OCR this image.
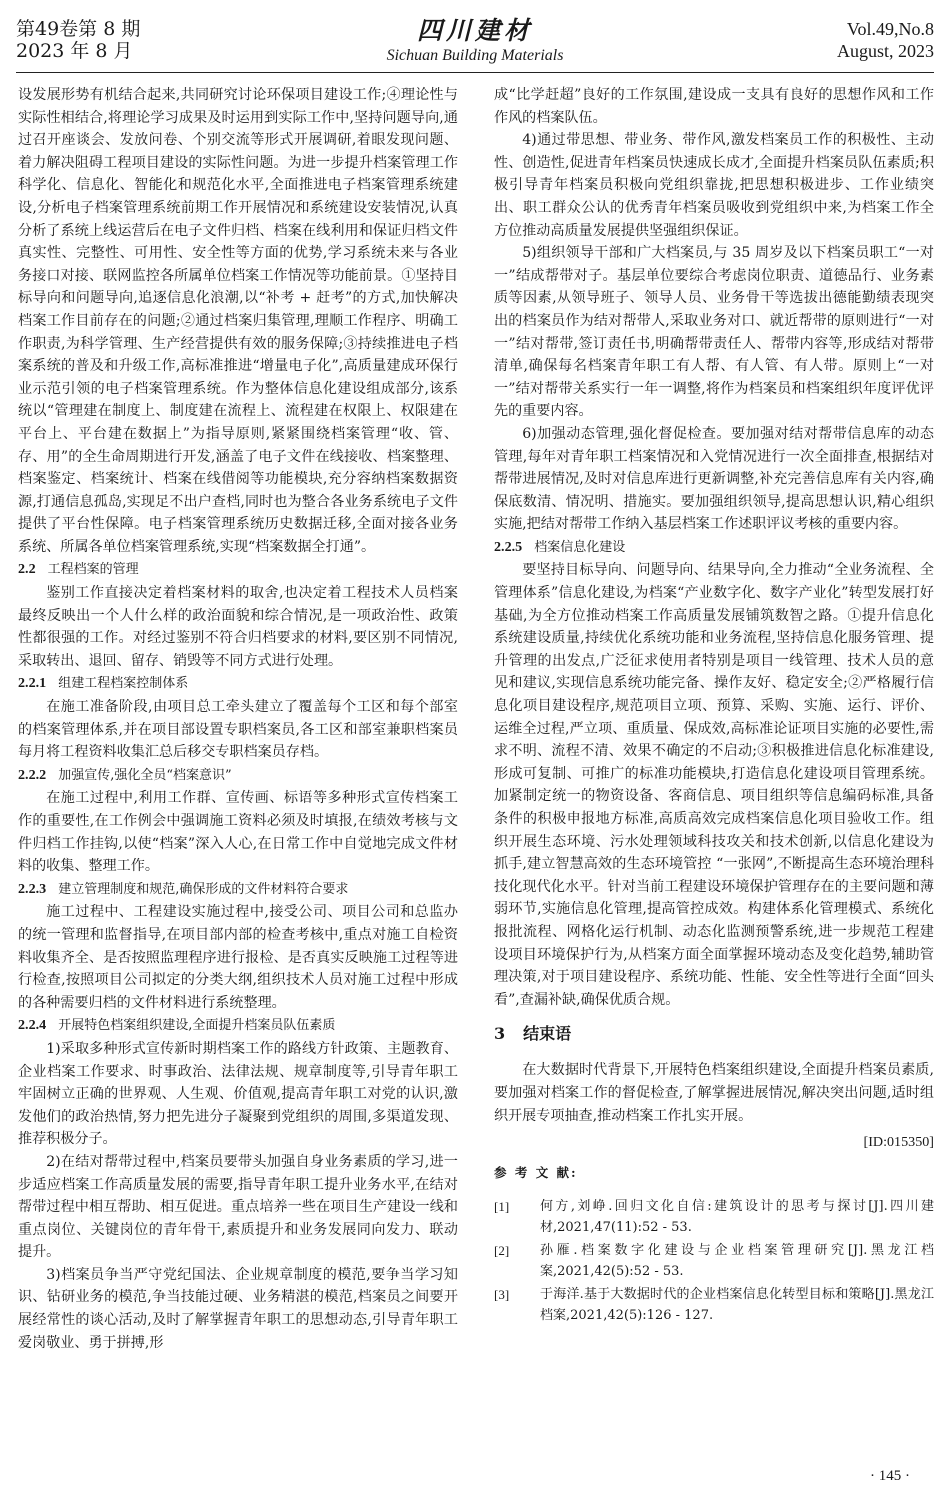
第49卷第 8 期
2023 年 8 月
四川建材
Sichuan Building Materials
Vol.49,No.8
August, 2023

设发展形势有机结合起来,共同研究讨论环保项目建设工作;④理论性与实际性相结合,将理论学习成果及时运用到实际工作中,坚持问题导向,通过召开座谈会、发放问卷、个别交流等形式开展调研,着眼发现问题、着力解决阻碍工程项目建设的实际性问题。为进一步提升档案管理工作科学化、信息化、智能化和规范化水平,全面推进电子档案管理系统建设,分析电子档案管理系统前期工作开展情况和系统建设安装情况,认真分析了系统上线运营后在电子文件归档、档案在线利用和保证归档文件真实性、完整性、可用性、安全性等方面的优势,学习系统未来与各业务接口对接、联网监控各所属单位档案工作情况等功能前景。①坚持目标导向和问题导向,追逐信息化浪潮,以“补考 + 赶考”的方式,加快解决档案工作目前存在的问题;②通过档案归集管理,理顺工作程序、明确工作职责,为科学管理、生产经营提供有效的服务保障;③持续推进电子档案系统的普及和升级工作,高标准推进“增量电子化”,高质量建成环保行业示范引领的电子档案管理系统。作为整体信息化建设组成部分,该系统以“管理建在制度上、制度建在流程上、流程建在权限上、权限建在平台上、平台建在数据上”为指导原则,紧紧围绕档案管理“收、管、存、用”的全生命周期进行开发,涵盖了电子文件在线接收、档案整理、档案鉴定、档案统计、档案在线借阅等功能模块,充分容纳档案数据资源,打通信息孤岛,实现足不出户查档,同时也为整合各业务系统电子文件提供了平台性保障。电子档案管理系统历史数据迁移,全面对接各业务系统、所属各单位档案管理系统,实现“档案数据全打通”。

2.2 工程档案的管理

鉴别工作直接决定着档案材料的取舍,也决定着工程技术人员档案最终反映出一个人什么样的政治面貌和综合情况,是一项政治性、政策性都很强的工作。对经过鉴别不符合归档要求的材料,要区别不同情况,采取转出、退回、留存、销毁等不同方式进行处理。

2.2.1 组建工程档案控制体系

在施工准备阶段,由项目总工牵头建立了覆盖每个工区和每个部室的档案管理体系,并在项目部设置专职档案员,各工区和部室兼职档案员每月将工程资料收集汇总后移交专职档案员存档。

2.2.2 加强宣传,强化全员“档案意识”

在施工过程中,利用工作群、宣传画、标语等多种形式宣传档案工作的重要性,在工作例会中强调施工资料必须及时填报,在绩效考核与文件归档工作挂钩,以使“档案”深入人心,在日常工作中自觉地完成文件材料的收集、整理工作。

2.2.3 建立管理制度和规范,确保形成的文件材料符合要求

施工过程中、工程建设实施过程中,接受公司、项目公司和总监办的统一管理和监督指导,在项目部内部的检查考核中,重点对施工自检资料收集齐全、是否按照监理程序进行报检、是否真实反映施工过程等进行检查,按照项目公司拟定的分类大纲,组织技术人员对施工过程中形成的各种需要归档的文件材料进行系统整理。

2.2.4 开展特色档案组织建设,全面提升档案员队伍素质

1)采取多种形式宣传新时期档案工作的路线方针政策、主题教育、企业档案工作要求、时事政治、法律法规、规章制度等,引导青年职工牢固树立正确的世界观、人生观、价值观,提高青年职工对党的认识,激发他们的政治热情,努力把先进分子凝聚到党组织的周围,多渠道发现、推荐积极分子。

2)在结对帮带过程中,档案员要带头加强自身业务素质的学习,进一步适应档案工作高质量发展的需要,指导青年职工提升业务水平,在结对帮带过程中相互帮助、相互促进。重点培养一些在项目生产建设一线和重点岗位、关键岗位的青年骨干,素质提升和业务发展同向发力、联动提升。

3)档案员争当严守党纪国法、企业规章制度的模范,要争当学习知识、钻研业务的模范,争当技能过硬、业务精湛的模范,档案员之间要开展经常性的谈心活动,及时了解掌握青年职工的思想动态,引导青年职工爱岗敬业、勇于拼搏,形

成“比学赶超”良好的工作氛围,建设成一支具有良好的思想作风和工作作风的档案队伍。

4)通过带思想、带业务、带作风,激发档案员工作的积极性、主动性、创造性,促进青年档案员快速成长成才,全面提升档案员队伍素质;积极引导青年档案员积极向党组织靠拢,把思想积极进步、工作业绩突出、职工群众公认的优秀青年档案员吸收到党组织中来,为档案工作全方位推动高质量发展提供坚强组织保证。

5)组织领导干部和广大档案员,与 35 周岁及以下档案员职工“一对一”结成帮带对子。基层单位要综合考虑岗位职责、道德品行、业务素质等因素,从领导班子、领导人员、业务骨干等选拔出德能勤绩表现突出的档案员作为结对帮带人,采取业务对口、就近帮带的原则进行“一对一”结对帮带,签订责任书,明确帮带责任人、帮带内容等,形成结对帮带清单,确保每名档案青年职工有人帮、有人管、有人带。原则上“一对一”结对帮带关系实行一年一调整,将作为档案员和档案组织年度评优评先的重要内容。

6)加强动态管理,强化督促检查。要加强对结对帮带信息库的动态管理,每年对青年职工档案情况和入党情况进行一次全面排查,根据结对帮带进展情况,及时对信息库进行更新调整,补充完善信息库有关内容,确保底数清、情况明、措施实。要加强组织领导,提高思想认识,精心组织实施,把结对帮带工作纳入基层档案工作述职评议考核的重要内容。

2.2.5 档案信息化建设

要坚持目标导向、问题导向、结果导向,全力推动“全业务流程、全管理体系”信息化建设,为档案“产业数字化、数字产业化”转型发展打好基础,为全方位推动档案工作高质量发展铺筑数智之路。①提升信息化系统建设质量,持续优化系统功能和业务流程,坚持信息化服务管理、提升管理的出发点,广泛征求使用者特别是项目一线管理、技术人员的意见和建议,实现信息系统功能完备、操作友好、稳定安全;②严格履行信息化项目建设程序,规范项目立项、预算、采购、实施、运行、评价、运维全过程,严立项、重质量、保成效,高标准论证项目实施的必要性,需求不明、流程不清、效果不确定的不启动;③积极推进信息化标准建设,形成可复制、可推广的标准功能模块,打造信息化建设项目管理系统。加紧制定统一的物资设备、客商信息、项目组织等信息编码标准,具备条件的积极申报地方标准,高质高效完成档案信息化项目验收工作。组织开展生态环境、污水处理领域科技攻关和技术创新,以信息化建设为抓手,建立智慧高效的生态环境管控 “一张网”,不断提高生态环境治理科技化现代化水平。针对当前工程建设环境保护管理存在的主要问题和薄弱环节,实施信息化管理,提高管控成效。构建体系化管理模式、系统化报批流程、网格化运行机制、动态化监测预警系统,进一步规范工程建设项目环境保护行为,从档案方面全面掌握环境动态及变化趋势,辅助管理决策,对于项目建设程序、系统功能、性能、安全性等进行全面“回头看”,查漏补缺,确保优质合规。

3 结束语

在大数据时代背景下,开展特色档案组织建设,全面提升档案员素质,要加强对档案工作的督促检查,了解掌握进展情况,解决突出问题,适时组织开展专项抽查,推动档案工作扎实开展。

[ID:015350]
参 考 文 献:
[1]	何方,刘峥.回归文化自信:建筑设计的思考与探讨[J].四川建材,2021,47(11):52 - 53.
[2]	孙雁.档案数字化建设与企业档案管理研究[J].黑龙江档案,2021,42(5):52 - 53.
[3]	于海洋.基于大数据时代的企业档案信息化转型目标和策略[J].黑龙江档案,2021,42(5):126 - 127.
· 145 ·
